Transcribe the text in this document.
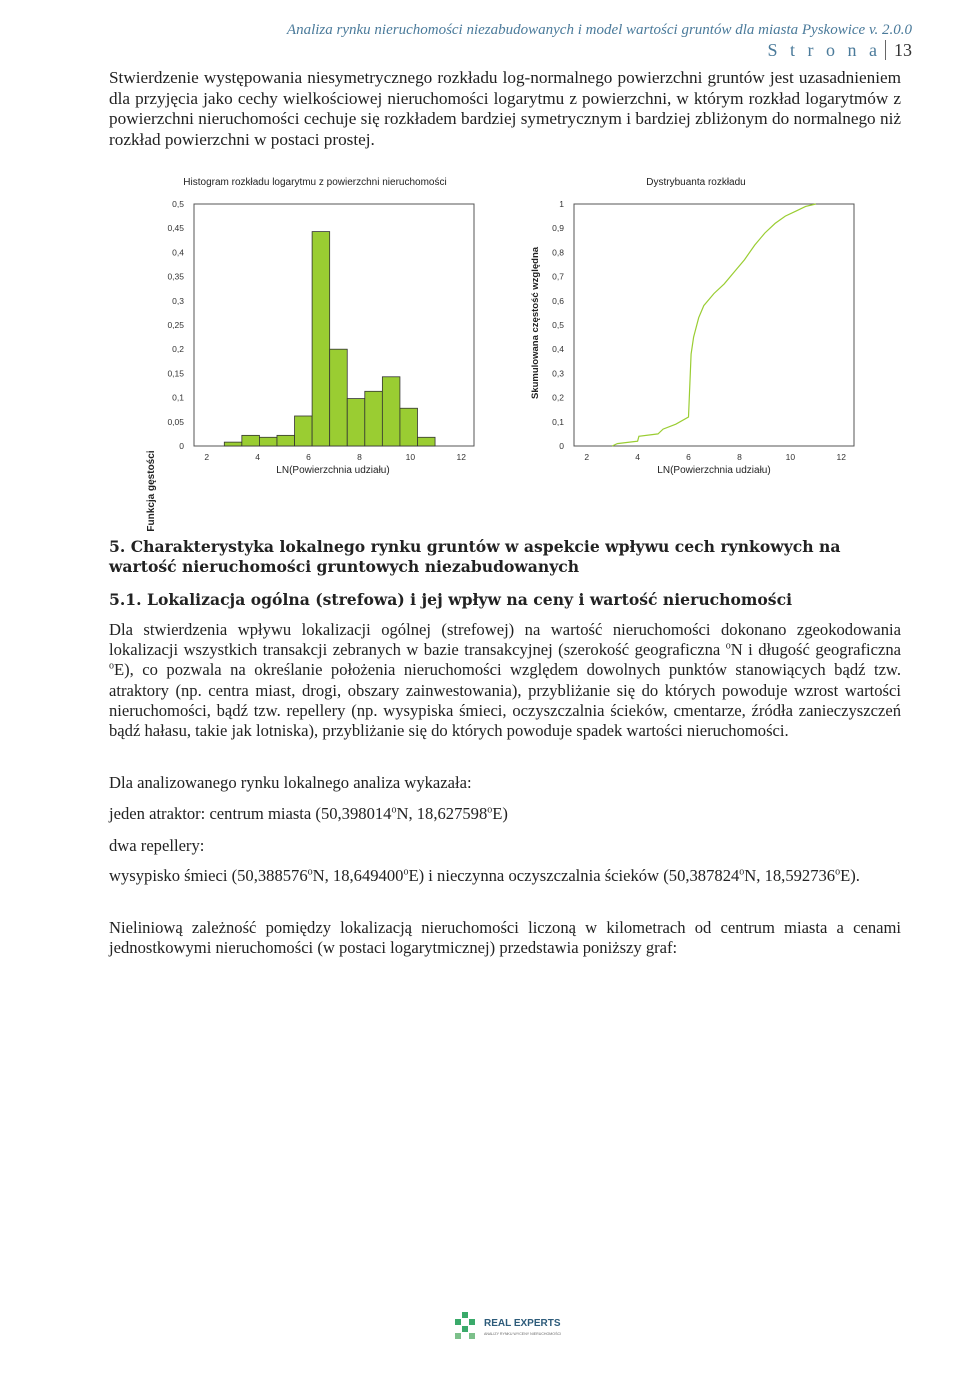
Analiza rynku nieruchomości niezabudowanych i model wartości gruntów dla miasta Pyskowice v. 2.0.0
S t r o n a 13
Stwierdzenie występowania niesymetrycznego rozkładu log-normalnego powierzchni gruntów jest uzasadnieniem dla przyjęcia jako cechy wielkościowej nieruchomości logarytmu z powierzchni, w którym rozkład logarytmów z powierzchni nieruchomości cechuje się rozkładem bardziej symetrycznym i bardziej zbliżonym do normalnego niż rozkład powierzchni w postaci prostej.
Histogram rozkładu logarytmu z powierzchni nieruchomości
Funkcja gęstości	LN(Powierzchnia udziału)
0
0,05
0,1
0,15
0,2
0,25
0,3
0,35
0,4
0,45
0,5
2	4	6	8	10	12
Dystrybuanta rozkładu
Skumulowana częstość względna
LN(Powierzchnia udziału)
0
0,1
0,2
0,3
0,4
0,5
0,6
0,7
0,8
0,9
1
2	4	6	8	10	12
5. Charakterystyka lokalnego rynku gruntów w aspekcie wpływu cech rynkowych na wartość nieruchomości gruntowych niezabudowanych
5.1. Lokalizacja ogólna (strefowa) i jej wpływ na ceny i wartość nieruchomości
Dla stwierdzenia wpływu lokalizacji ogólnej (strefowej) na wartość nieruchomości dokonano zgeokodowania lokalizacji wszystkich transakcji zebranych w bazie transakcyjnej (szerokość geograficzna $^o$N i długość geograficzna $^o$E), co pozwala na określanie położenia nieruchomości względem dowolnych punktów stanowiących bądź tzw. atraktory (np. centra miast, drogi, obszary zainwestowania), przybliżanie się do których powoduje wzrost wartości nieruchomości, bądź tzw. repellery (np. wysypiska śmieci, oczyszczalnia ścieków, cmentarze, źródła zanieczyszczeń bądź hałasu, takie jak lotniska), przybliżanie się do których powoduje spadek wartości nieruchomości.
Dla analizowanego rynku lokalnego analiza wykazała:
jeden atraktor: centrum miasta (50,398014$^o$N, 18,627598$^o$E)
dwa repellery:
wysypisko śmieci (50,388576$^o$N, 18,649400$^o$E) i nieczynna oczyszczalnia ścieków (50,387824$^o$N, 18,592736$^o$E).
Nieliniową zależność pomiędzy lokalizacją nieruchomości liczoną w kilometrach od centrum miasta a cenami jednostkowymi nieruchomości (w postaci logarytmicznej) przedstawia poniższy graf:
REAL EXPERTS
ANALIZY RYNKU WYCENY NIERUCHOMOŚCI
